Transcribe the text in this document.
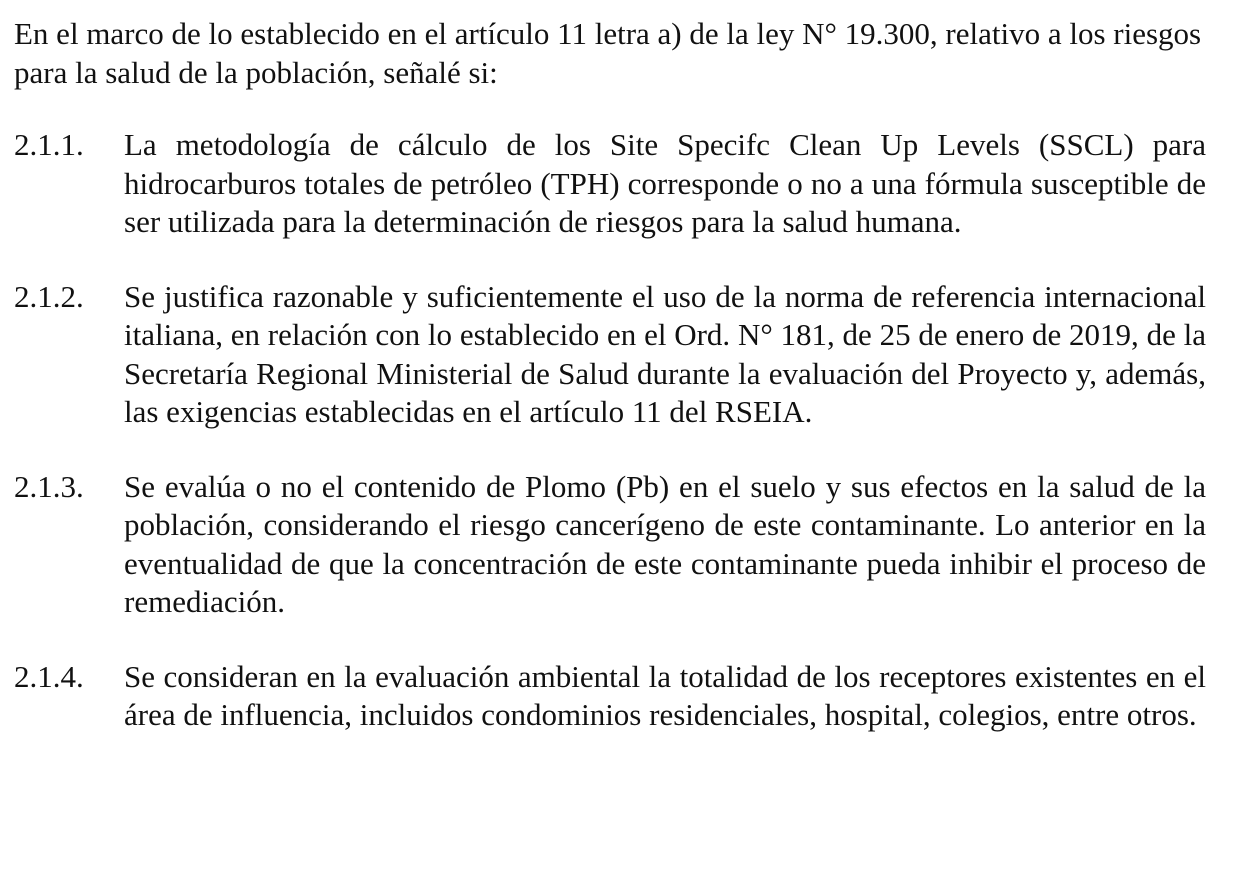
En el marco de lo establecido en el artículo 11 letra a) de la ley N° 19.300, relativo a los riesgos para la salud de la población, señalé si:

2.1.1.	La metodología de cálculo de los Site Specifc Clean Up Levels (SSCL) para hidrocarburos totales de petróleo (TPH) corresponde o no a una fórmula susceptible de ser utilizada para la determinación de riesgos para la salud humana.
2.1.2.	Se justifica razonable y suficientemente el uso de la norma de referencia internacional italiana, en relación con lo establecido en el Ord. N° 181, de 25 de enero de 2019, de la Secretaría Regional Ministerial de Salud durante la evaluación del Proyecto y, además, las exigencias establecidas en el artículo 11 del RSEIA.
2.1.3.	Se evalúa o no el contenido de Plomo (Pb) en el suelo y sus efectos en la salud de la población, considerando el riesgo cancerígeno de este contaminante. Lo anterior en la eventualidad de que la concentración de este contaminante pueda inhibir el proceso de remediación.
2.1.4.	Se consideran en la evaluación ambiental la totalidad de los receptores existentes en el área de influencia, incluidos condominios residenciales, hospital, colegios, entre otros.
